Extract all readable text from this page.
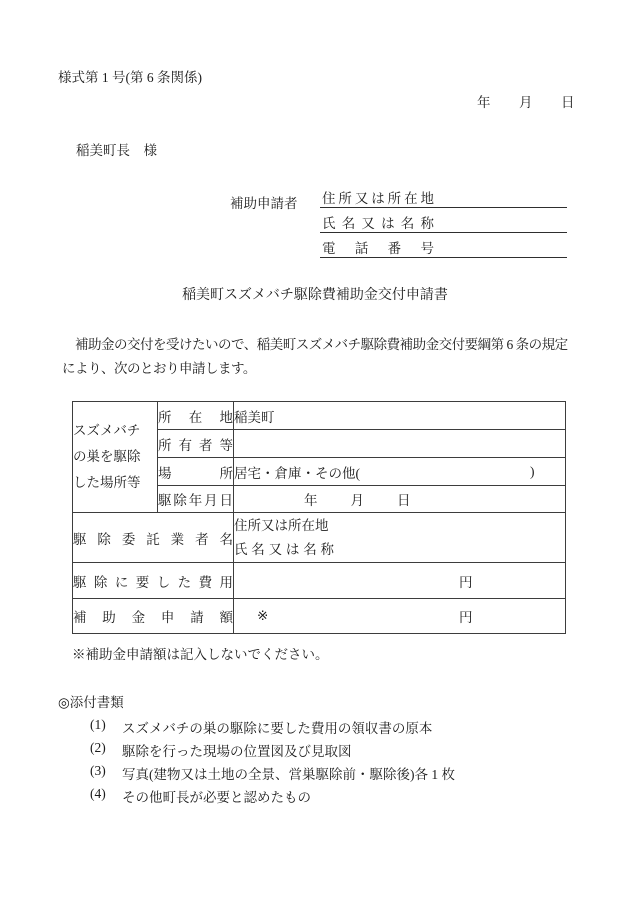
様式第 1 号(第 6 条関係)
年　　月　　日
稲美町長　様
補助申請者 住所又は所在地
氏 名 又 は 名 称
電 話 番 号
稲美町スズメバチ駆除費補助金交付申請書
　補助金の交付を受けたいので、稲美町スズメバチ駆除費補助金交付要綱第 6 条の規定
により、次のとおり申請します。
スズメバチ
の巣を駆除
した場所等	所 在 地	稲美町

	所 有 者 等	

	場 所	居宅・倉庫・その他( )

	駆除年月日	年　　月　　日

駆 除 委 託 業 者 名		住所又は所在地
氏 名 又 は 名 称

駆 除 に 要 し た 費 用		円

補 助 金 申 請 額		※ 円
※補助金申請額は記入しないでください。
◎添付書類
(1)	スズメバチの巣の駆除に要した費用の領収書の原本
(2)	駆除を行った現場の位置図及び見取図
(3)	写真(建物又は土地の全景、営巣駆除前・駆除後)各 1 枚
(4)	その他町長が必要と認めたもの
